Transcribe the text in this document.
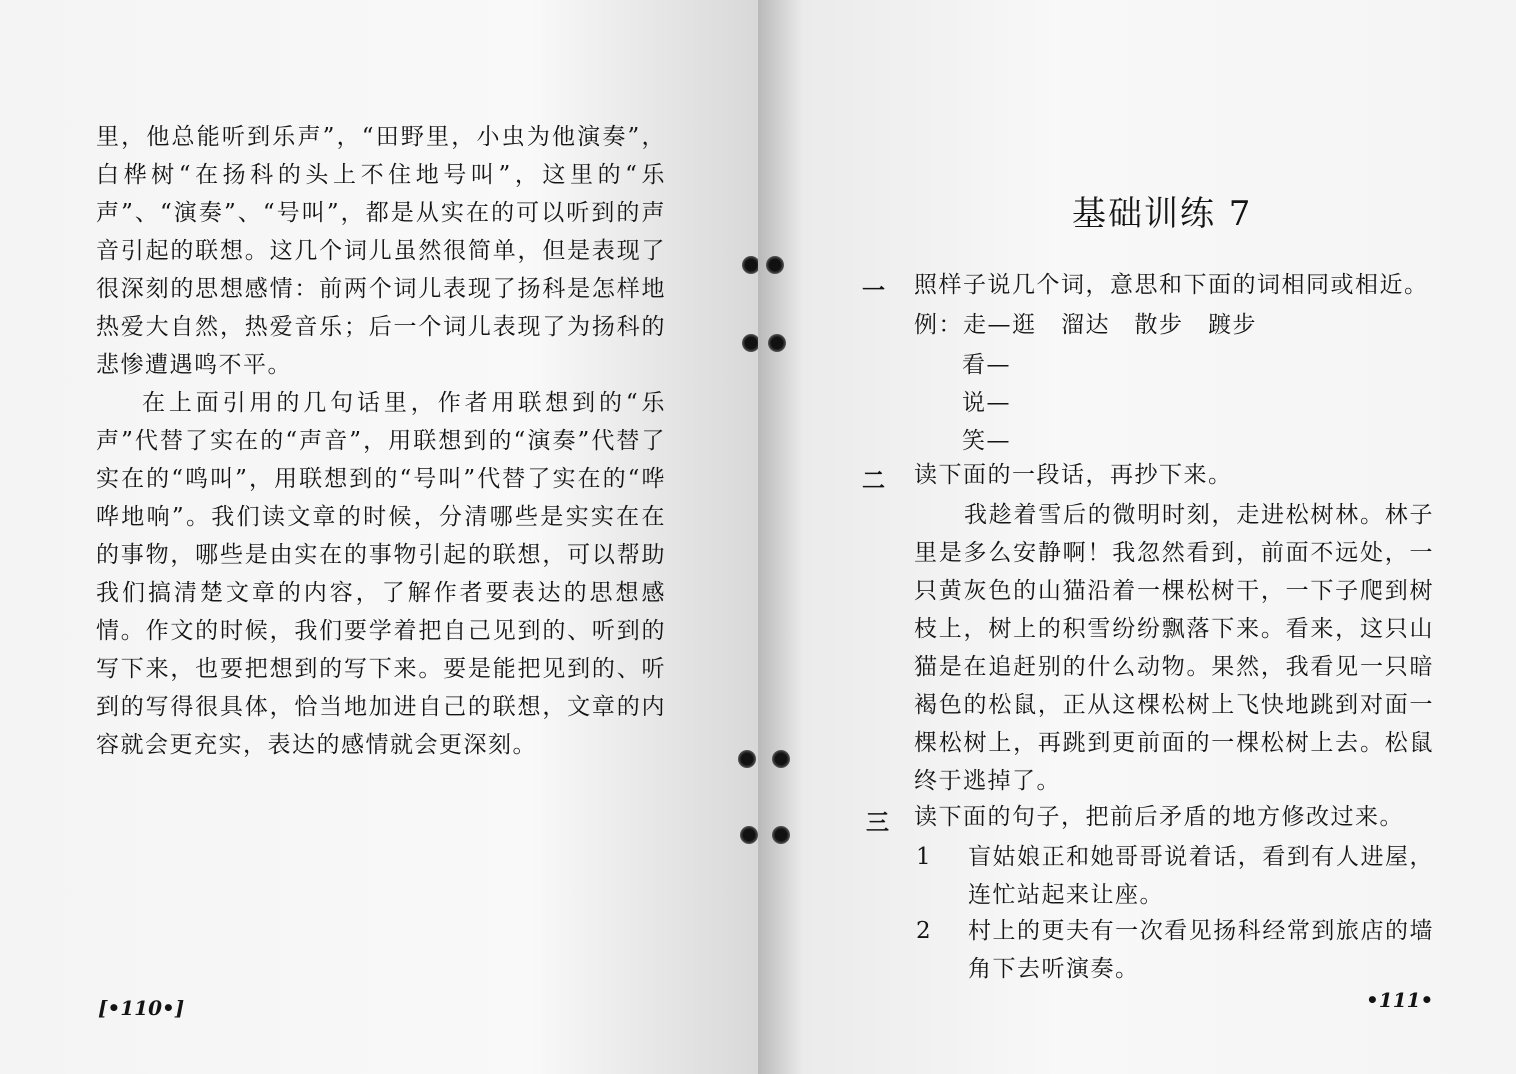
里，他总能听到乐声”，“田野里，小虫为他演奏”，白桦树“在扬科的头上不住地号叫”，这里的“乐声”、“演奏”、“号叫”，都是从实在的可以听到的声音引起的联想。这几个词儿虽然很简单，但是表现了很深刻的思想感情：前两个词儿表现了扬科是怎样地热爱大自然，热爱音乐；后一个词儿表现了为扬科的悲惨遭遇鸣不平。

在上面引用的几句话里，作者用联想到的“乐声”代替了实在的“声音”，用联想到的“演奏”代替了实在的“鸣叫”，用联想到的“号叫”代替了实在的“哗哗地响”。我们读文章的时候，分清哪些是实实在在的事物，哪些是由实在的事物引起的联想，可以帮助我们搞清楚文章的内容，了解作者要表达的思想感情。作文的时候，我们要学着把自己见到的、听到的写下来，也要把想到的写下来。要是能把见到的、听到的写得很具体，恰当地加进自己的联想，文章的内容就会更充实，表达的感情就会更深刻。

[•110•]

基础训练 7
一 照样子说几个词，意思和下面的词相同或相近。
例：走—逛　溜达　散步　踱步
看—
说—
笑—
二 读下面的一段话，再抄下来。
我趁着雪后的微明时刻，走进松树林。林子里是多么安静啊！我忽然看到，前面不远处，一只黄灰色的山猫沿着一棵松树干，一下子爬到树枝上，树上的积雪纷纷飘落下来。看来，这只山猫是在追赶别的什么动物。果然，我看见一只暗褐色的松鼠，正从这棵松树上飞快地跳到对面一棵松树上，再跳到更前面的一棵松树上去。松鼠终于逃掉了。
三 读下面的句子，把前后矛盾的地方修改过来。
1 盲姑娘正和她哥哥说着话，看到有人进屋，连忙站起来让座。
2 村上的更夫有一次看见扬科经常到旅店的墙角下去听演奏。
•111•
